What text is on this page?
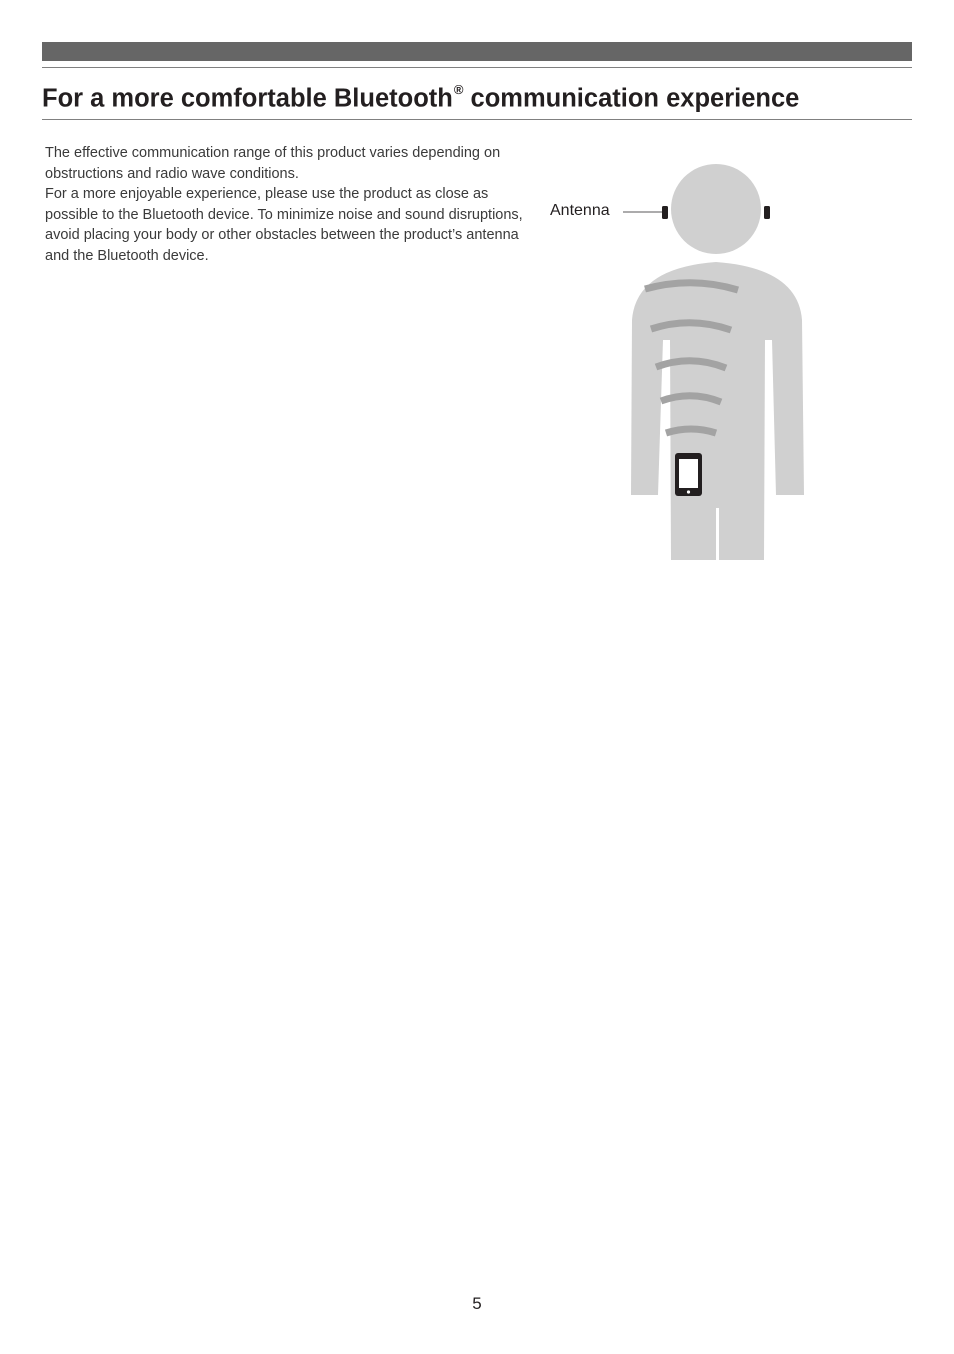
For a more comfortable Bluetooth® communication experience

The effective communication range of this product varies depending on obstructions and radio wave conditions.

For a more enjoyable experience, please use the product as close as possible to the Bluetooth device. To minimize noise and sound disruptions, avoid placing your body or other obstacles between the product’s antenna and the Bluetooth device.

Antenna
5
